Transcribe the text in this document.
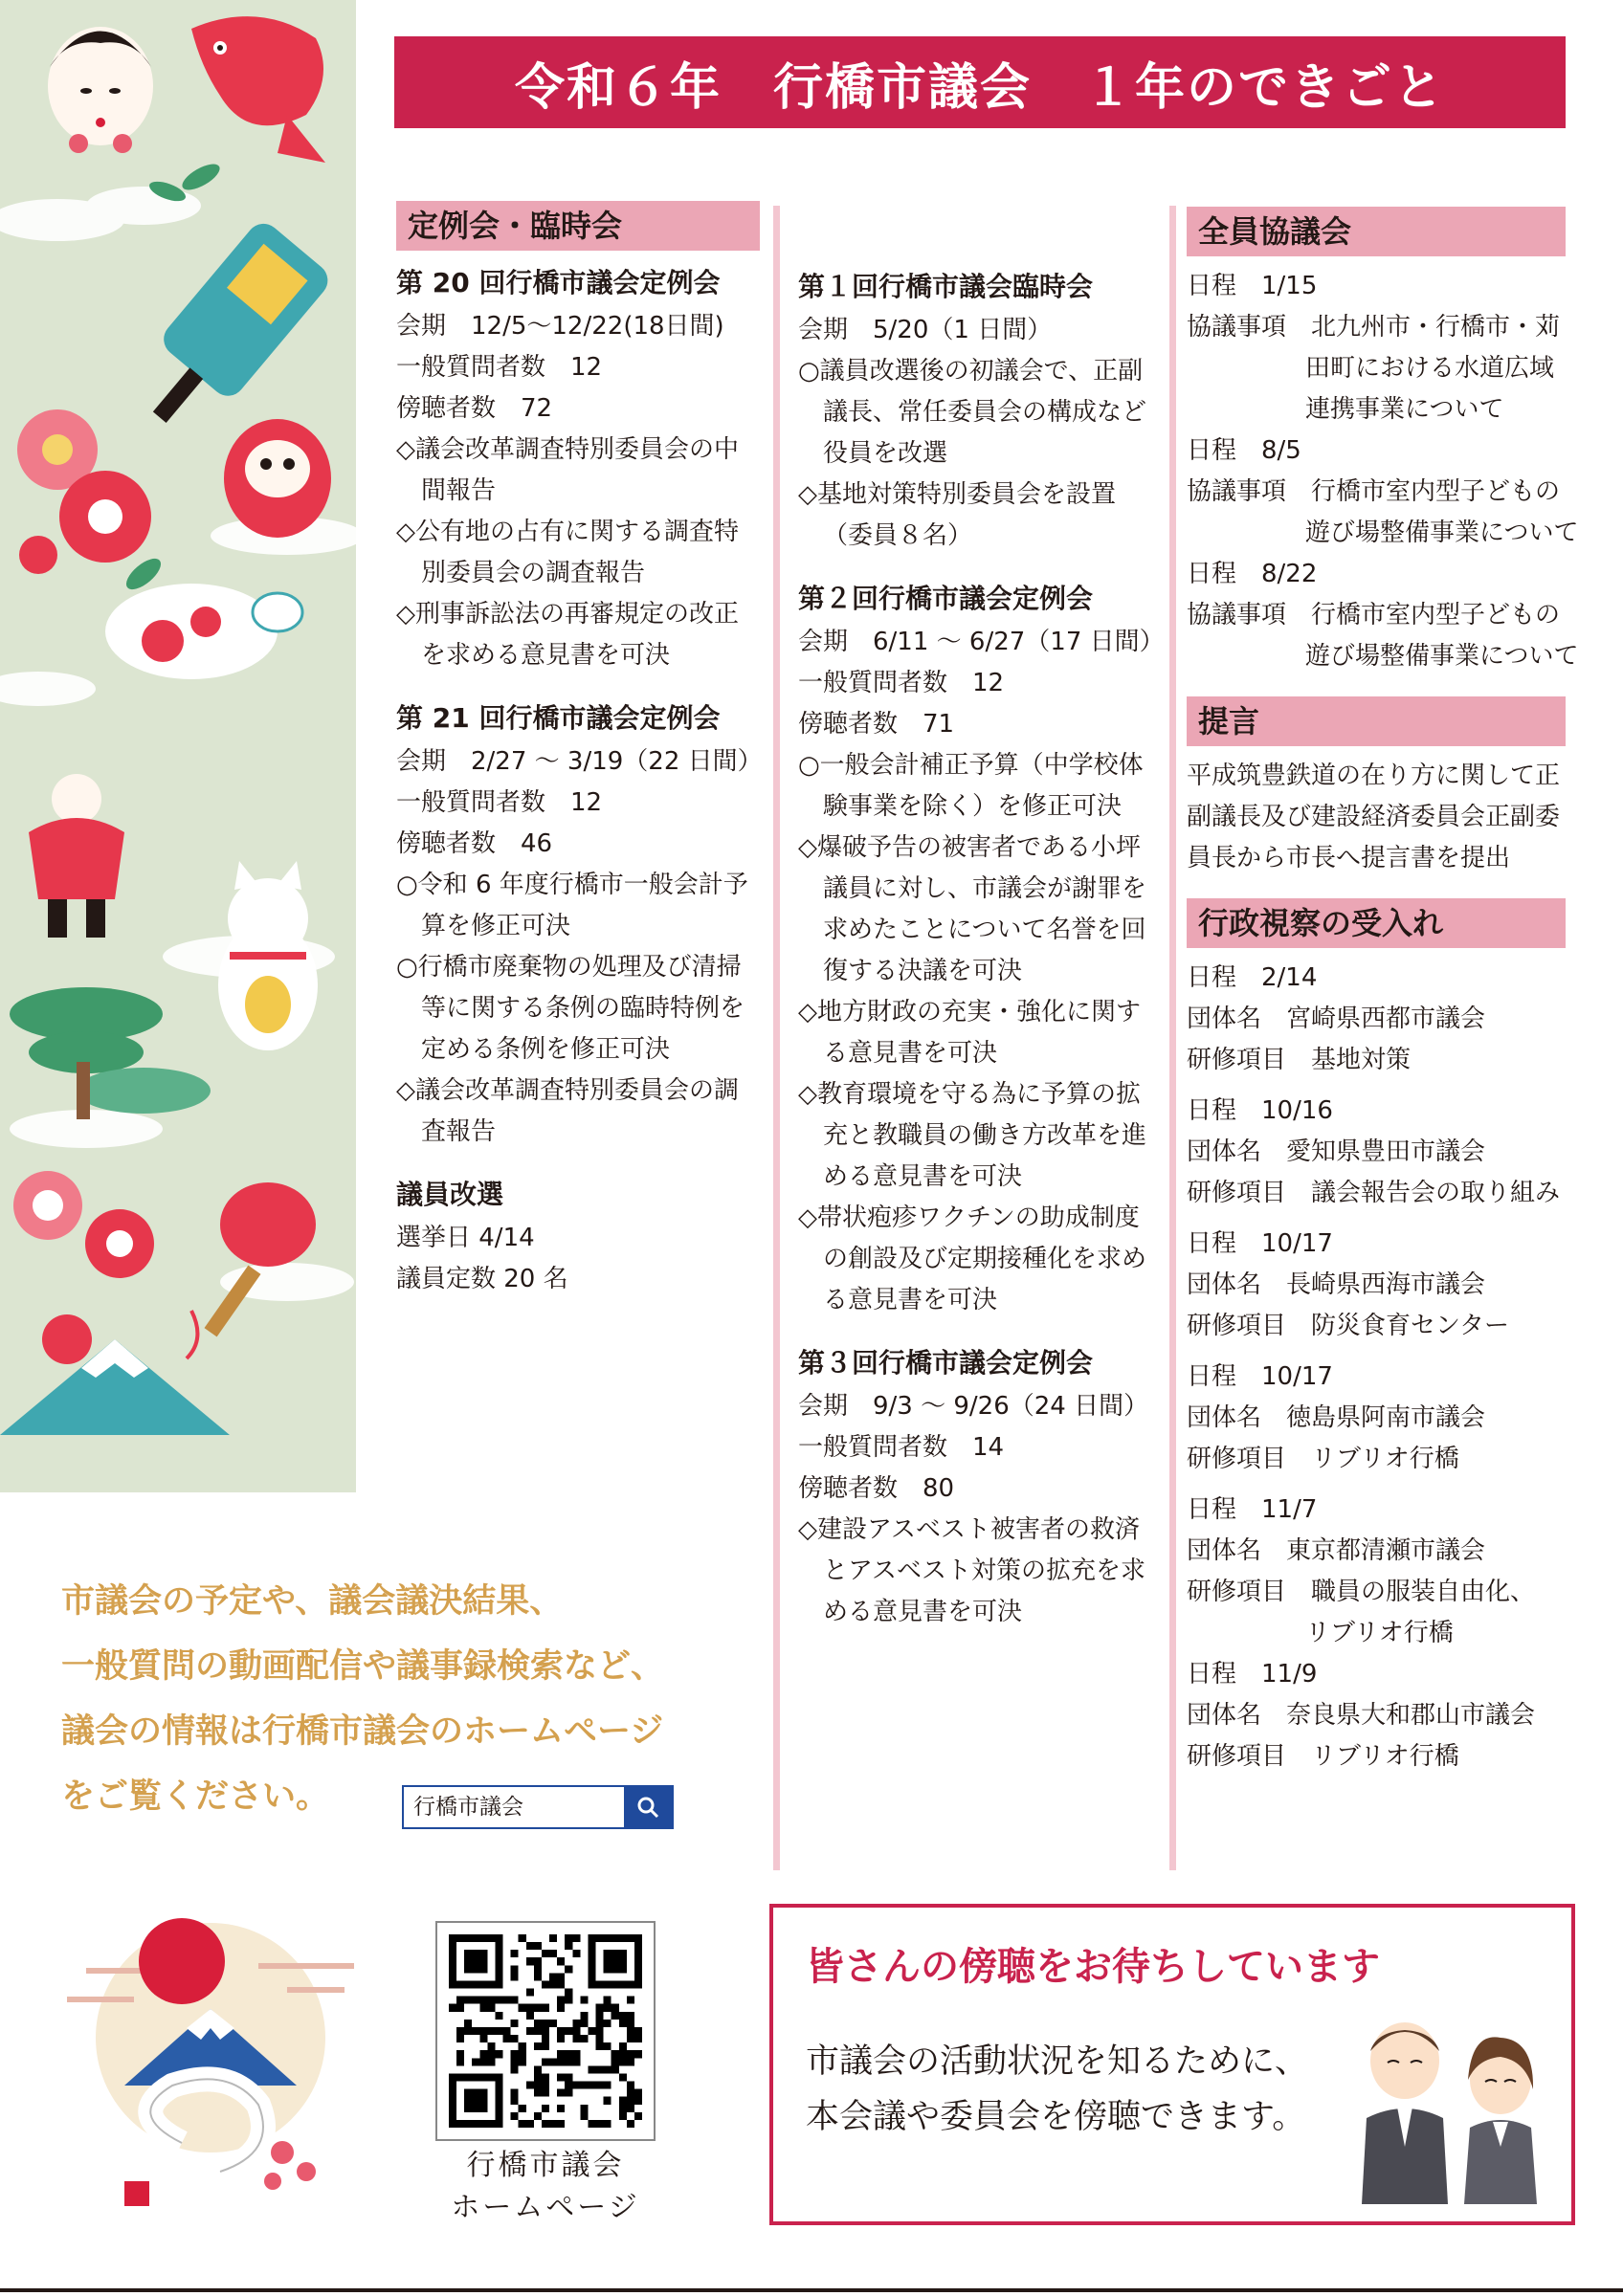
令和６年　行橋市議会　１年のできごと
定例会・臨時会
第 20 回行橋市議会定例会
会期　12/5～12/22(18日間)
一般質問者数　12
傍聴者数　72
◇議会改革調査特別委員会の中
間報告
◇公有地の占有に関する調査特
別委員会の調査報告
◇刑事訴訟法の再審規定の改正
を求める意見書を可決
第 21 回行橋市議会定例会
会期　2/27 ～ 3/19（22 日間）
一般質問者数　12
傍聴者数　46
○令和 6 年度行橋市一般会計予
算を修正可決
○行橋市廃棄物の処理及び清掃
等に関する条例の臨時特例を
定める条例を修正可決
◇議会改革調査特別委員会の調
査報告
議員改選
選挙日 4/14
議員定数 20 名
第１回行橋市議会臨時会
会期　5/20（1 日間）
○議員改選後の初議会で、正副
議長、常任委員会の構成など
役員を改選
◇基地対策特別委員会を設置
（委員８名）
第２回行橋市議会定例会
会期　6/11 ～ 6/27（17 日間）
一般質問者数　12
傍聴者数　71
○一般会計補正予算（中学校体
験事業を除く）を修正可決
◇爆破予告の被害者である小坪
議員に対し、市議会が謝罪を
求めたことについて名誉を回
復する決議を可決
◇地方財政の充実・強化に関す
る意見書を可決
◇教育環境を守る為に予算の拡
充と教職員の働き方改革を進
める意見書を可決
◇帯状疱疹ワクチンの助成制度
の創設及び定期接種化を求め
る意見書を可決
第３回行橋市議会定例会
会期　9/3 ～ 9/26（24 日間）
一般質問者数　14
傍聴者数　80
◇建設アスベスト被害者の救済
とアスベスト対策の拡充を求
める意見書を可決
全員協議会
日程　1/15
協議事項　 北九州市・行橋市・苅
田町における水道広域
連携事業について
日程　8/5
協議事項　 行橋市室内型子どもの
遊び場整備事業について
日程　8/22
協議事項　 行橋市室内型子どもの
遊び場整備事業について
提言
平成筑豊鉄道の在り方に関して正
副議長及び建設経済委員会正副委
員長から市長へ提言書を提出
行政視察の受入れ
日程　2/14
団体名　宮崎県西都市議会
研修項目　基地対策
日程　10/16
団体名　愛知県豊田市議会
研修項目　議会報告会の取り組み
日程　10/17
団体名　長崎県西海市議会
研修項目　防災食育センター
日程　10/17
団体名　徳島県阿南市議会
研修項目　リブリオ行橋
日程　11/7
団体名　東京都清瀬市議会
研修項目　職員の服装自由化、
リブリオ行橋
日程　11/9
団体名　奈良県大和郡山市議会
研修項目　リブリオ行橋
市議会の予定や、議会議決結果、
一般質問の動画配信や議事録検索など、
議会の情報は行橋市議会のホームページ
をご覧ください。	行橋市議会
行橋市議会
ホームページ
皆さんの傍聴をお待ちしています
市議会の活動状況を知るために、
本会議や委員会を傍聴できます。
